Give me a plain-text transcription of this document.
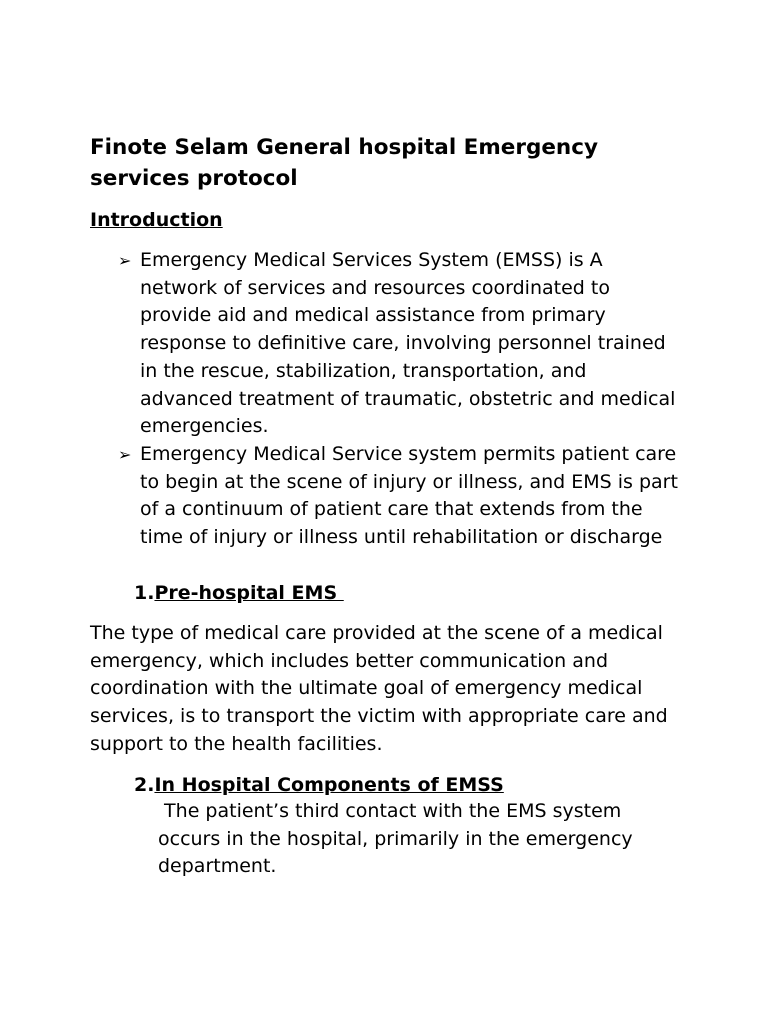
Finote Selam General hospital Emergency services protocol
Introduction
➢ Emergency Medical Services System (EMSS) is A network of services and resources coordinated to provide aid and medical assistance from primary response to definitive care, involving personnel trained in the rescue, stabilization, transportation, and advanced treatment of traumatic, obstetric and medical emergencies.
➢ Emergency Medical Service system permits patient care to begin at the scene of injury or illness, and EMS is part of a continuum of patient care that extends from the time of injury or illness until rehabilitation or discharge
1.Pre-hospital EMS

The type of medical care provided at the scene of a medical emergency, which includes better communication and coordination with the ultimate goal of emergency medical services, is to transport the victim with appropriate care and support to the health facilities.

2.In Hospital Components of EMSS

The patient’s third contact with the EMS system occurs in the hospital, primarily in the emergency department.
